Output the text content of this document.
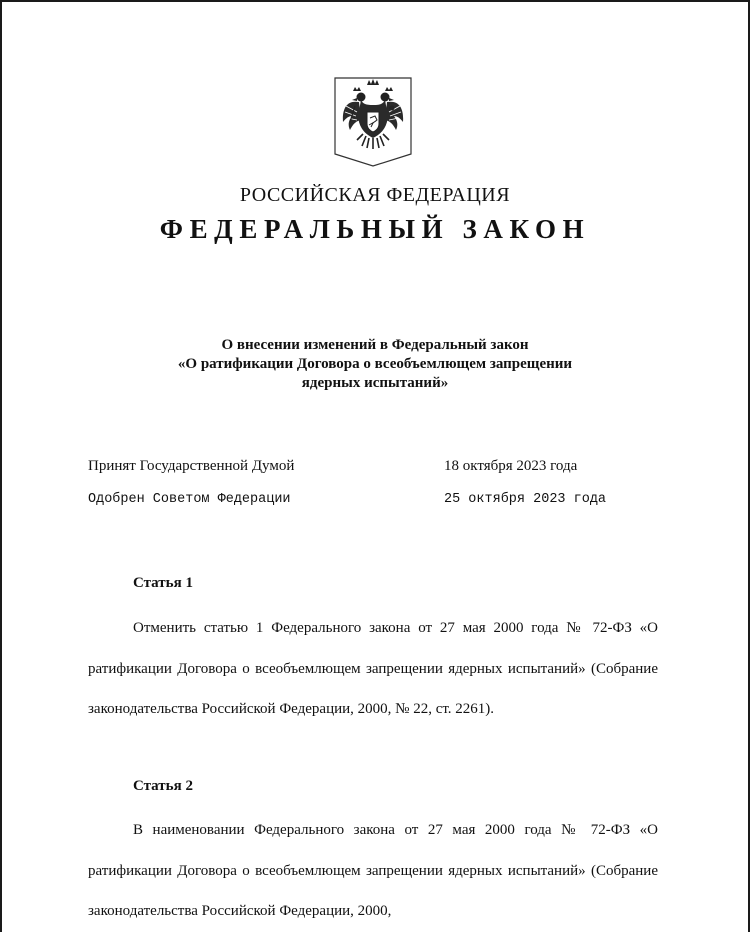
РОССИЙСКАЯ ФЕДЕРАЦИЯ
ФЕДЕРАЛЬНЫЙ ЗАКОН
О внесении изменений в Федеральный закон
«О ратификации Договора о всеобъемлющем запрещении
ядерных испытаний»
Принят Государственной Думой	18 октября 2023 года
Одобрен Советом Федерации	25 октября 2023 года
Статья 1
Отменить статью 1 Федерального закона от 27 мая 2000 года № 72-ФЗ «О ратификации Договора о всеобъемлющем запрещении ядерных испытаний» (Собрание законодательства Российской Федерации, 2000, № 22, ст. 2261).
Статья 2
В наименовании Федерального закона от 27 мая 2000 года № 72-ФЗ «О ратификации Договора о всеобъемлющем запрещении ядерных испытаний» (Собрание законодательства Российской Федерации, 2000,
